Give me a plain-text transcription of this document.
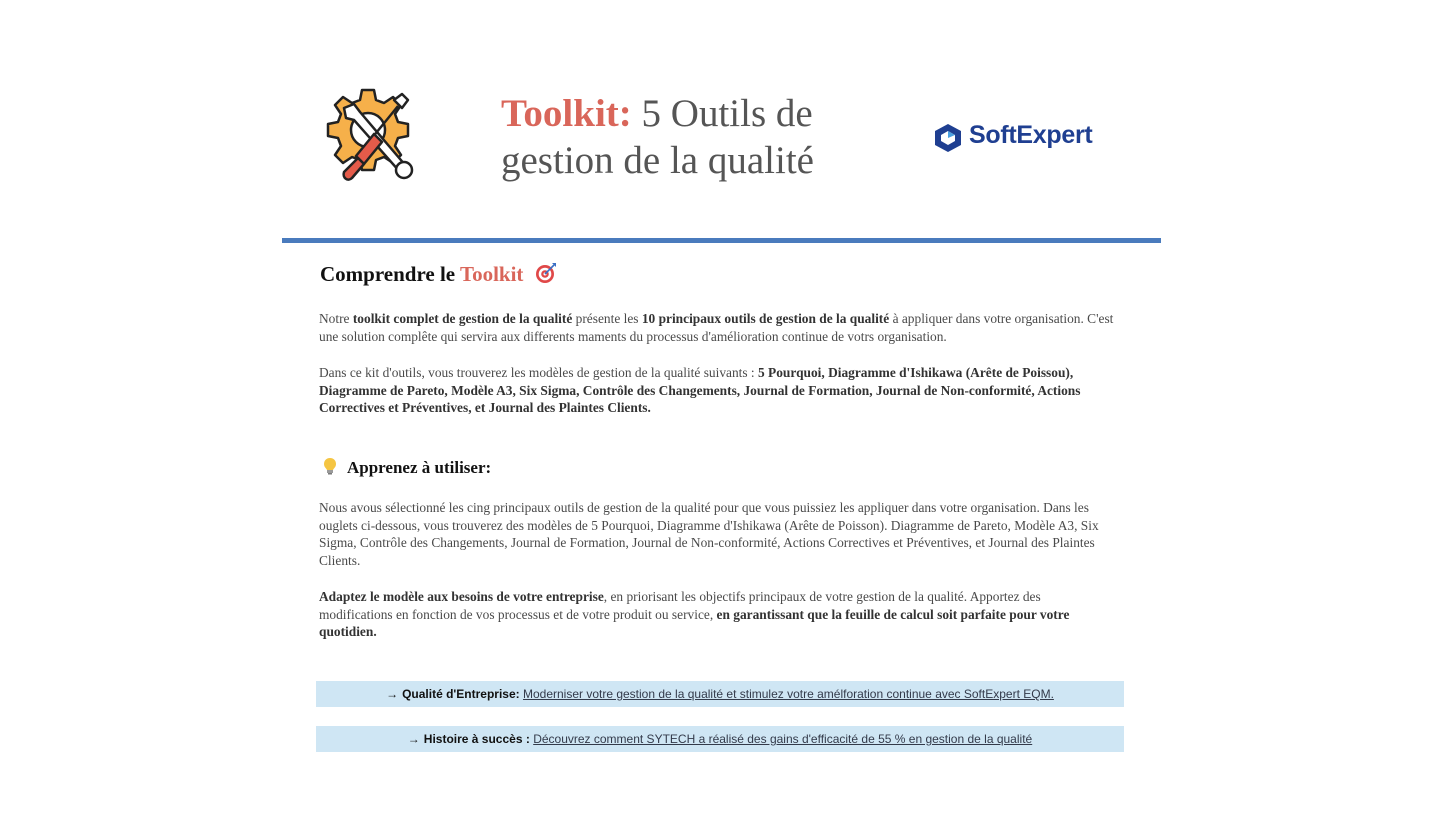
Toolkit: 5 Outils de gestion de la qualité
SoftExpert
Comprendre le Toolkit
Notre toolkit complet de gestion de la qualité présente les 10 principaux outils de gestion de la qualité à appliquer dans votre organisation. C'est une solution complête qui servira aux differents maments du processus d'amélioration continue de votrs organisation.
Dans ce kit d'outils, vous trouverez les modèles de gestion de la qualité suivants : 5 Pourquoi, Diagramme d'Ishikawa (Arête de Poissou), Diagramme de Pareto, Modèle A3, Six Sigma, Contrôle des Changements, Journal de Formation, Journal de Non-conformité, Actions Correctives et Préventives, et Journal des Plaintes Clients.
Apprenez à utiliser:
Nous avous sélectionné les cing principaux outils de gestion de la qualité pour que vous puissiez les appliquer dans votre organisation. Dans les ouglets ci-dessous, vous trouverez des modèles de 5 Pourquoi, Diagramme d'Ishikawa (Arête de Poisson). Diagramme de Pareto, Modèle A3, Six Sigma, Contrôle des Changements, Journal de Formation, Journal de Non-conformité, Actions Correctives et Préventives, et Journal des Plaintes Clients.
Adaptez le modèle aux besoins de votre entreprise, en priorisant les objectifs principaux de votre gestion de la qualité. Apportez des modifications en fonction de vos processus et de votre produit ou service, en garantissant que la feuille de calcul soit parfaite pour votre quotidien.
→ Qualité d'Entreprise: Moderniser votre gestion de la qualité et stimulez votre amélforation continue avec SoftExpert EQM.
→ Histoire à succès : Découvrez comment SYTECH a réalisé des gains d'efficacité de 55 % en gestion de la qualité
